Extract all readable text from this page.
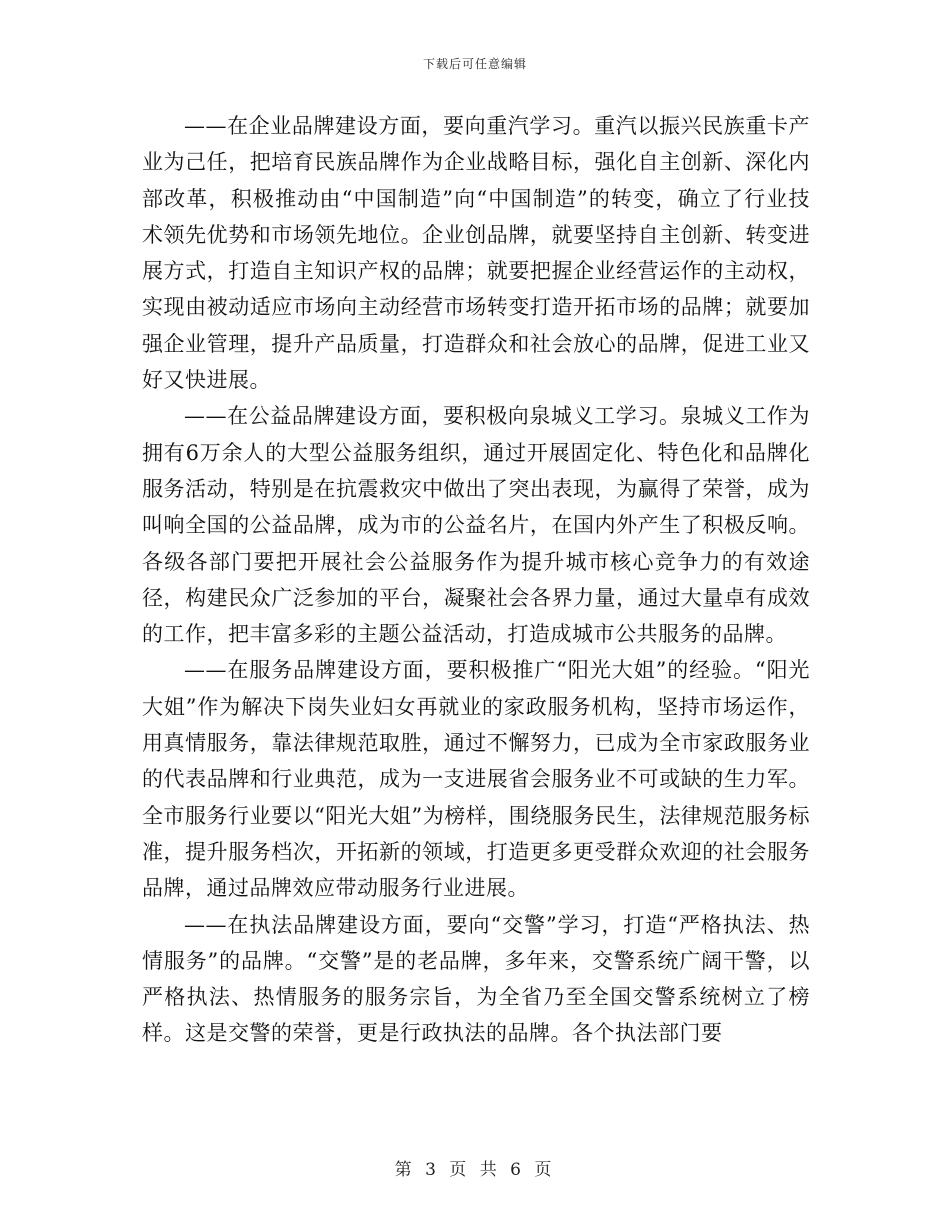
下载后可任意编辑

——在企业品牌建设方面，要向重汽学习。重汽以振兴民族重卡产业为己任，把培育民族品牌作为企业战略目标，强化自主创新、深化内部改革，积极推动由“中国制造”向“中国制造”的转变，确立了行业技术领先优势和市场领先地位。企业创品牌，就要坚持自主创新、转变进展方式，打造自主知识产权的品牌；就要把握企业经营运作的主动权，实现由被动适应市场向主动经营市场转变打造开拓市场的品牌；就要加强企业管理，提升产品质量，打造群众和社会放心的品牌，促进工业又好又快进展。

——在公益品牌建设方面，要积极向泉城义工学习。泉城义工作为拥有6万余人的大型公益服务组织，通过开展固定化、特色化和品牌化服务活动，特别是在抗震救灾中做出了突出表现，为赢得了荣誉，成为叫响全国的公益品牌，成为市的公益名片，在国内外产生了积极反响。各级各部门要把开展社会公益服务作为提升城市核心竞争力的有效途径，构建民众广泛参加的平台，凝聚社会各界力量，通过大量卓有成效的工作，把丰富多彩的主题公益活动，打造成城市公共服务的品牌。

——在服务品牌建设方面，要积极推广“阳光大姐”的经验。“阳光大姐”作为解决下岗失业妇女再就业的家政服务机构，坚持市场运作，用真情服务，靠法律规范取胜，通过不懈努力，已成为全市家政服务业的代表品牌和行业典范，成为一支进展省会服务业不可或缺的生力军。全市服务行业要以“阳光大姐”为榜样，围绕服务民生，法律规范服务标准，提升服务档次，开拓新的领域，打造更多更受群众欢迎的社会服务品牌，通过品牌效应带动服务行业进展。

——在执法品牌建设方面，要向“交警”学习，打造“严格执法、热情服务”的品牌。“交警”是的老品牌，多年来，交警系统广阔干警，以严格执法、热情服务的服务宗旨，为全省乃至全国交警系统树立了榜样。这是交警的荣誉，更是行政执法的品牌。各个执法部门要

第 3 页 共 6 页
